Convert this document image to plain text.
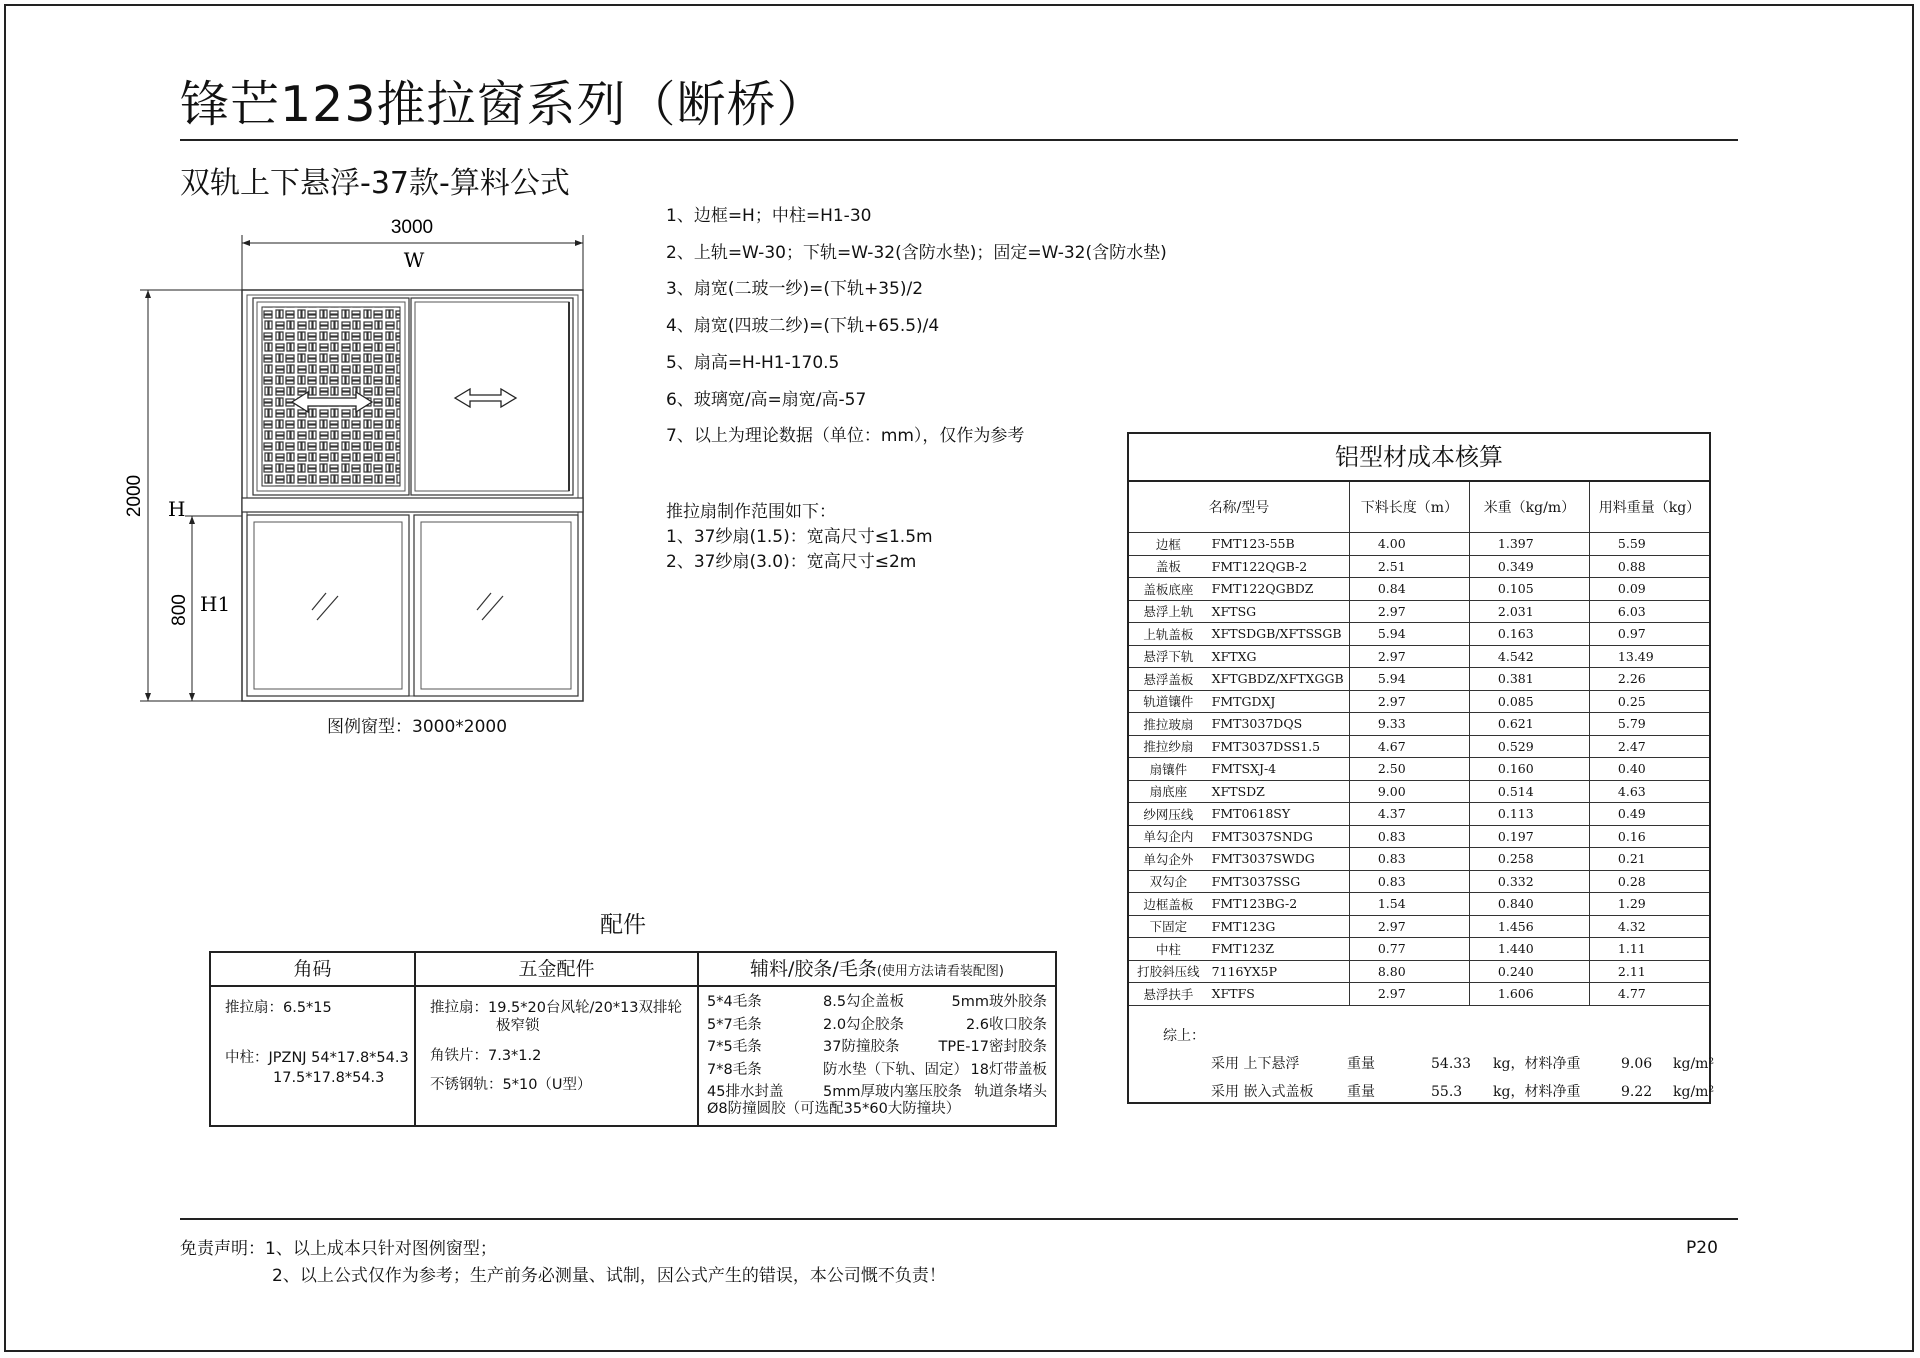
锋芒123推拉窗系列（断桥）
双轨上下悬浮-37款-算料公式
3000
W
2000 H
800 H1
图例窗型：3000*2000
1、边框=H；中柱=H1-30
2、上轨=W-30；下轨=W-32(含防水垫)；固定=W-32(含防水垫)
3、扇宽(二玻一纱)=(下轨+35)/2
4、扇宽(四玻二纱)=(下轨+65.5)/4
5、扇高=H-H1-170.5
6、玻璃宽/高=扇宽/高-57
7、以上为理论数据（单位：mm），仅作为参考
推拉扇制作范围如下：
1、37纱扇(1.5)：宽高尺寸≤1.5m
2、37纱扇(3.0)：宽高尺寸≤2m
铝型材成本核算
名称/型号		下料长度（m）	米重（kg/m）	用料重量（kg）
边框	FMT123-55B	4.00	1.397	5.59
盖板	FMT122QGB-2	2.51	0.349	0.88
盖板底座	FMT122QGBDZ	0.84	0.105	0.09
悬浮上轨	XFTSG	2.97	2.031	6.03
上轨盖板	XFTSDGB/XFTSSGB	5.94	0.163	0.97
悬浮下轨	XFTXG	2.97	4.542	13.49
悬浮盖板	XFTGBDZ/XFTXGGB	5.94	0.381	2.26
轨道镶件	FMTGDXJ	2.97	0.085	0.25
推拉玻扇	FMT3037DQS	9.33	0.621	5.79
推拉纱扇	FMT3037DSS1.5	4.67	0.529	2.47
扇镶件	FMTSXJ-4	2.50	0.160	0.40
扇底座	XFTSDZ	9.00	0.514	4.63
纱网压线	FMT0618SY	4.37	0.113	0.49
单勾企内	FMT3037SNDG	0.83	0.197	0.16
单勾企外	FMT3037SWDG	0.83	0.258	0.21
双勾企	FMT3037SSG	0.83	0.332	0.28
边框盖板	FMT123BG-2	1.54	0.840	1.29
下固定	FMT123G	2.97	1.456	4.32
中柱	FMT123Z	0.77	1.440	1.11
打胶斜压线	7116YX5P	8.80	0.240	2.11
悬浮扶手	XFTFS	2.97	1.606	4.77
综上：
采用 上下悬浮	重量	54.33 kg，材料净重	9.06 kg/m²
采用 嵌入式盖板 重量	55.3 kg，材料净重	9.22 kg/m²
配件
角码
推拉扇：6.5*15
中柱：JPZNJ 54*17.8*54.3
17.5*17.8*54.3
五金配件
推拉扇：19.5*20台风轮/20*13双排轮
极窄锁
角铁片：7.3*1.2
不锈钢轨：5*10（U型）
辅料/胶条/毛条(使用方法请看装配图)
5*4毛条	8.5勾企盖板	5mm玻外胶条
5*7毛条	2.0勾企胶条	2.6收口胶条
7*5毛条	37防撞胶条	TPE-17密封胶条
7*8毛条	防水垫（下轨、固定） 18灯带盖板
45排水封盖	5mm厚玻内塞压胶条 轨道条堵头
Ø8防撞圆胶（可选配35*60大防撞块）
免责声明：1、以上成本只针对图例窗型；
2、以上公式仅作为参考；生产前务必测量、试制，因公式产生的错误，本公司慨不负责！
P20
